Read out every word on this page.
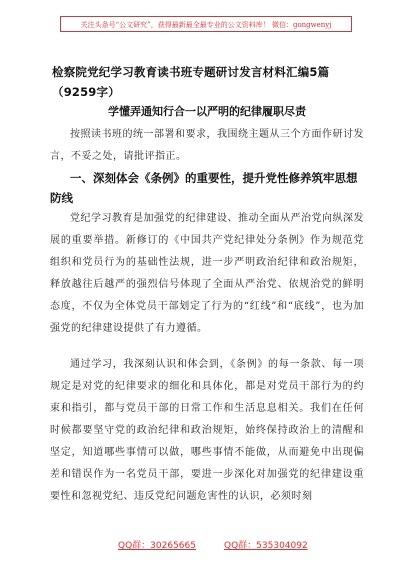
关注头条号“公文研究”，获得最新最全最专业的公文资料库！ 微信：gongwenyj
检察院党纪学习教育读书班专题研讨发言材料汇编5篇（9259字）
学懂弄通知行合一以严明的纪律履职尽责
按照读书班的统一部署和要求，我围绕主题从三个方面作研讨发言，不妥之处，请批评指正。
一、深刻体会《条例》的重要性，提升党性修养筑牢思想防线
党纪学习教育是加强党的纪律建设、推动全面从严治党向纵深发展的重要举措。新修订的《中国共产党纪律处分条例》作为规范党组织和党员行为的基础性法规，进一步严明政治纪律和政治规矩，释放越往后越严的强烈信号体现了全面从严治党、依规治党的鲜明态度，不仅为全体党员干部划定了行为的“红线”和“底线”，也为加强党的纪律建设提供了有力遵循。
通过学习，我深刻认识和体会到，《条例》的每一条款、每一项规定是对党的纪律要求的细化和具体化，都是对党员干部行为的约束和指引，都与党员干部的日常工作和生活息息相关。我们在任何时候都要坚守党的政治纪律和政治规矩，始终保持政治上的清醒和坚定，知道哪些事情可以做，哪些事情不能做，从而避免中出现偏差和错误作为一名党员干部，要进一步深化对加强党的纪律建设重要性和忽视党纪、违反党纪问题危害性的认识，必须时刻
QQ群：30265665	QQ群：535304092
